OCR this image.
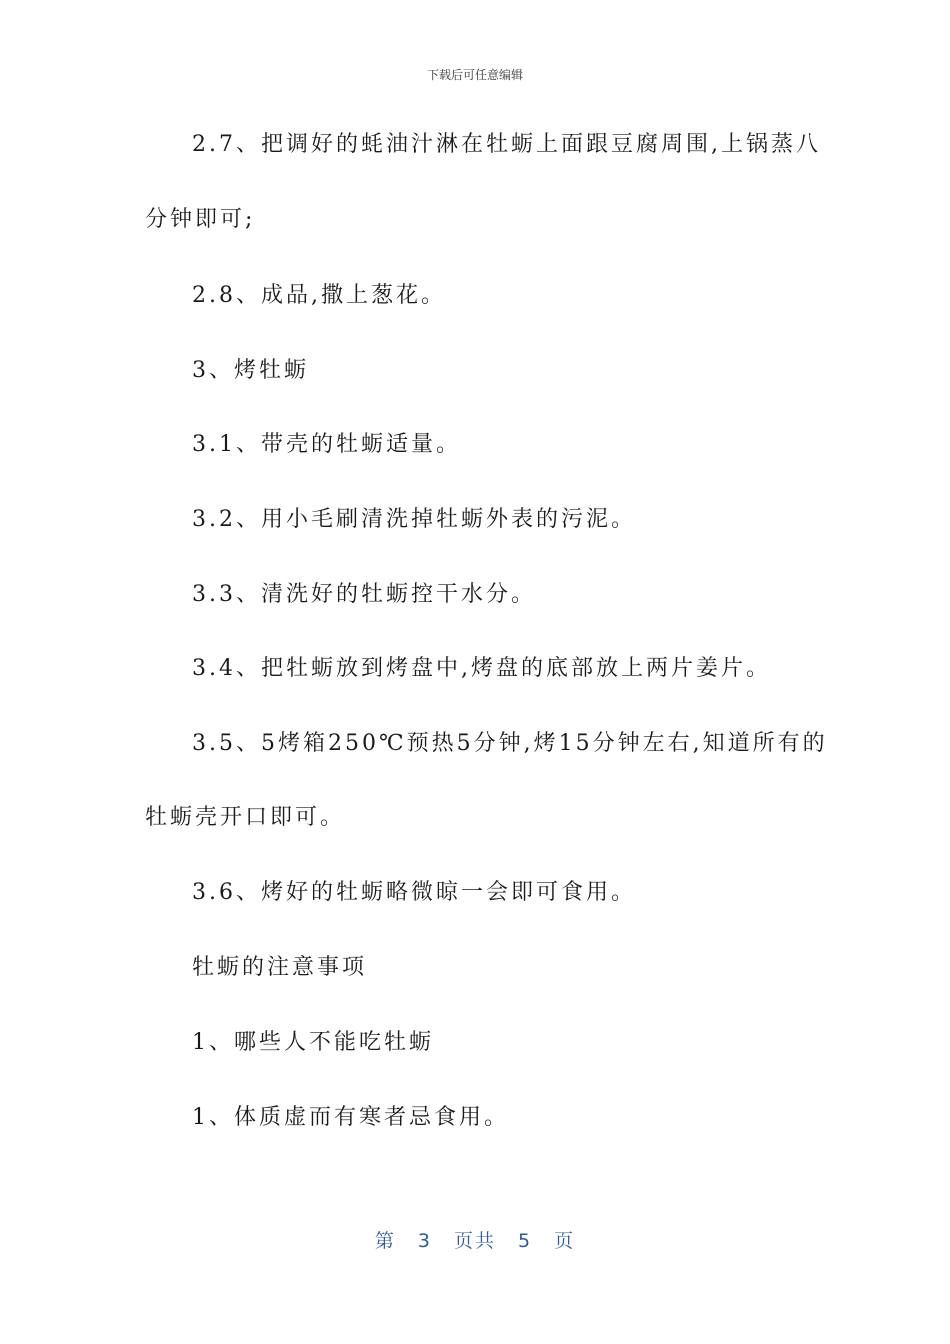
下载后可任意编辑
2.7、把调好的蚝油汁淋在牡蛎上面跟豆腐周围,上锅蒸八
分钟即可;
2.8、成品,撒上葱花。
3、烤牡蛎
3.1、带壳的牡蛎适量。
3.2、用小毛刷清洗掉牡蛎外表的污泥。
3.3、清洗好的牡蛎控干水分。
3.4、把牡蛎放到烤盘中,烤盘的底部放上两片姜片。
3.5、5烤箱250℃预热5分钟,烤15分钟左右,知道所有的
牡蛎壳开口即可。
3.6、烤好的牡蛎略微晾一会即可食用。
牡蛎的注意事项
1、哪些人不能吃牡蛎
1、体质虚而有寒者忌食用。
第 3 页共 5 页
